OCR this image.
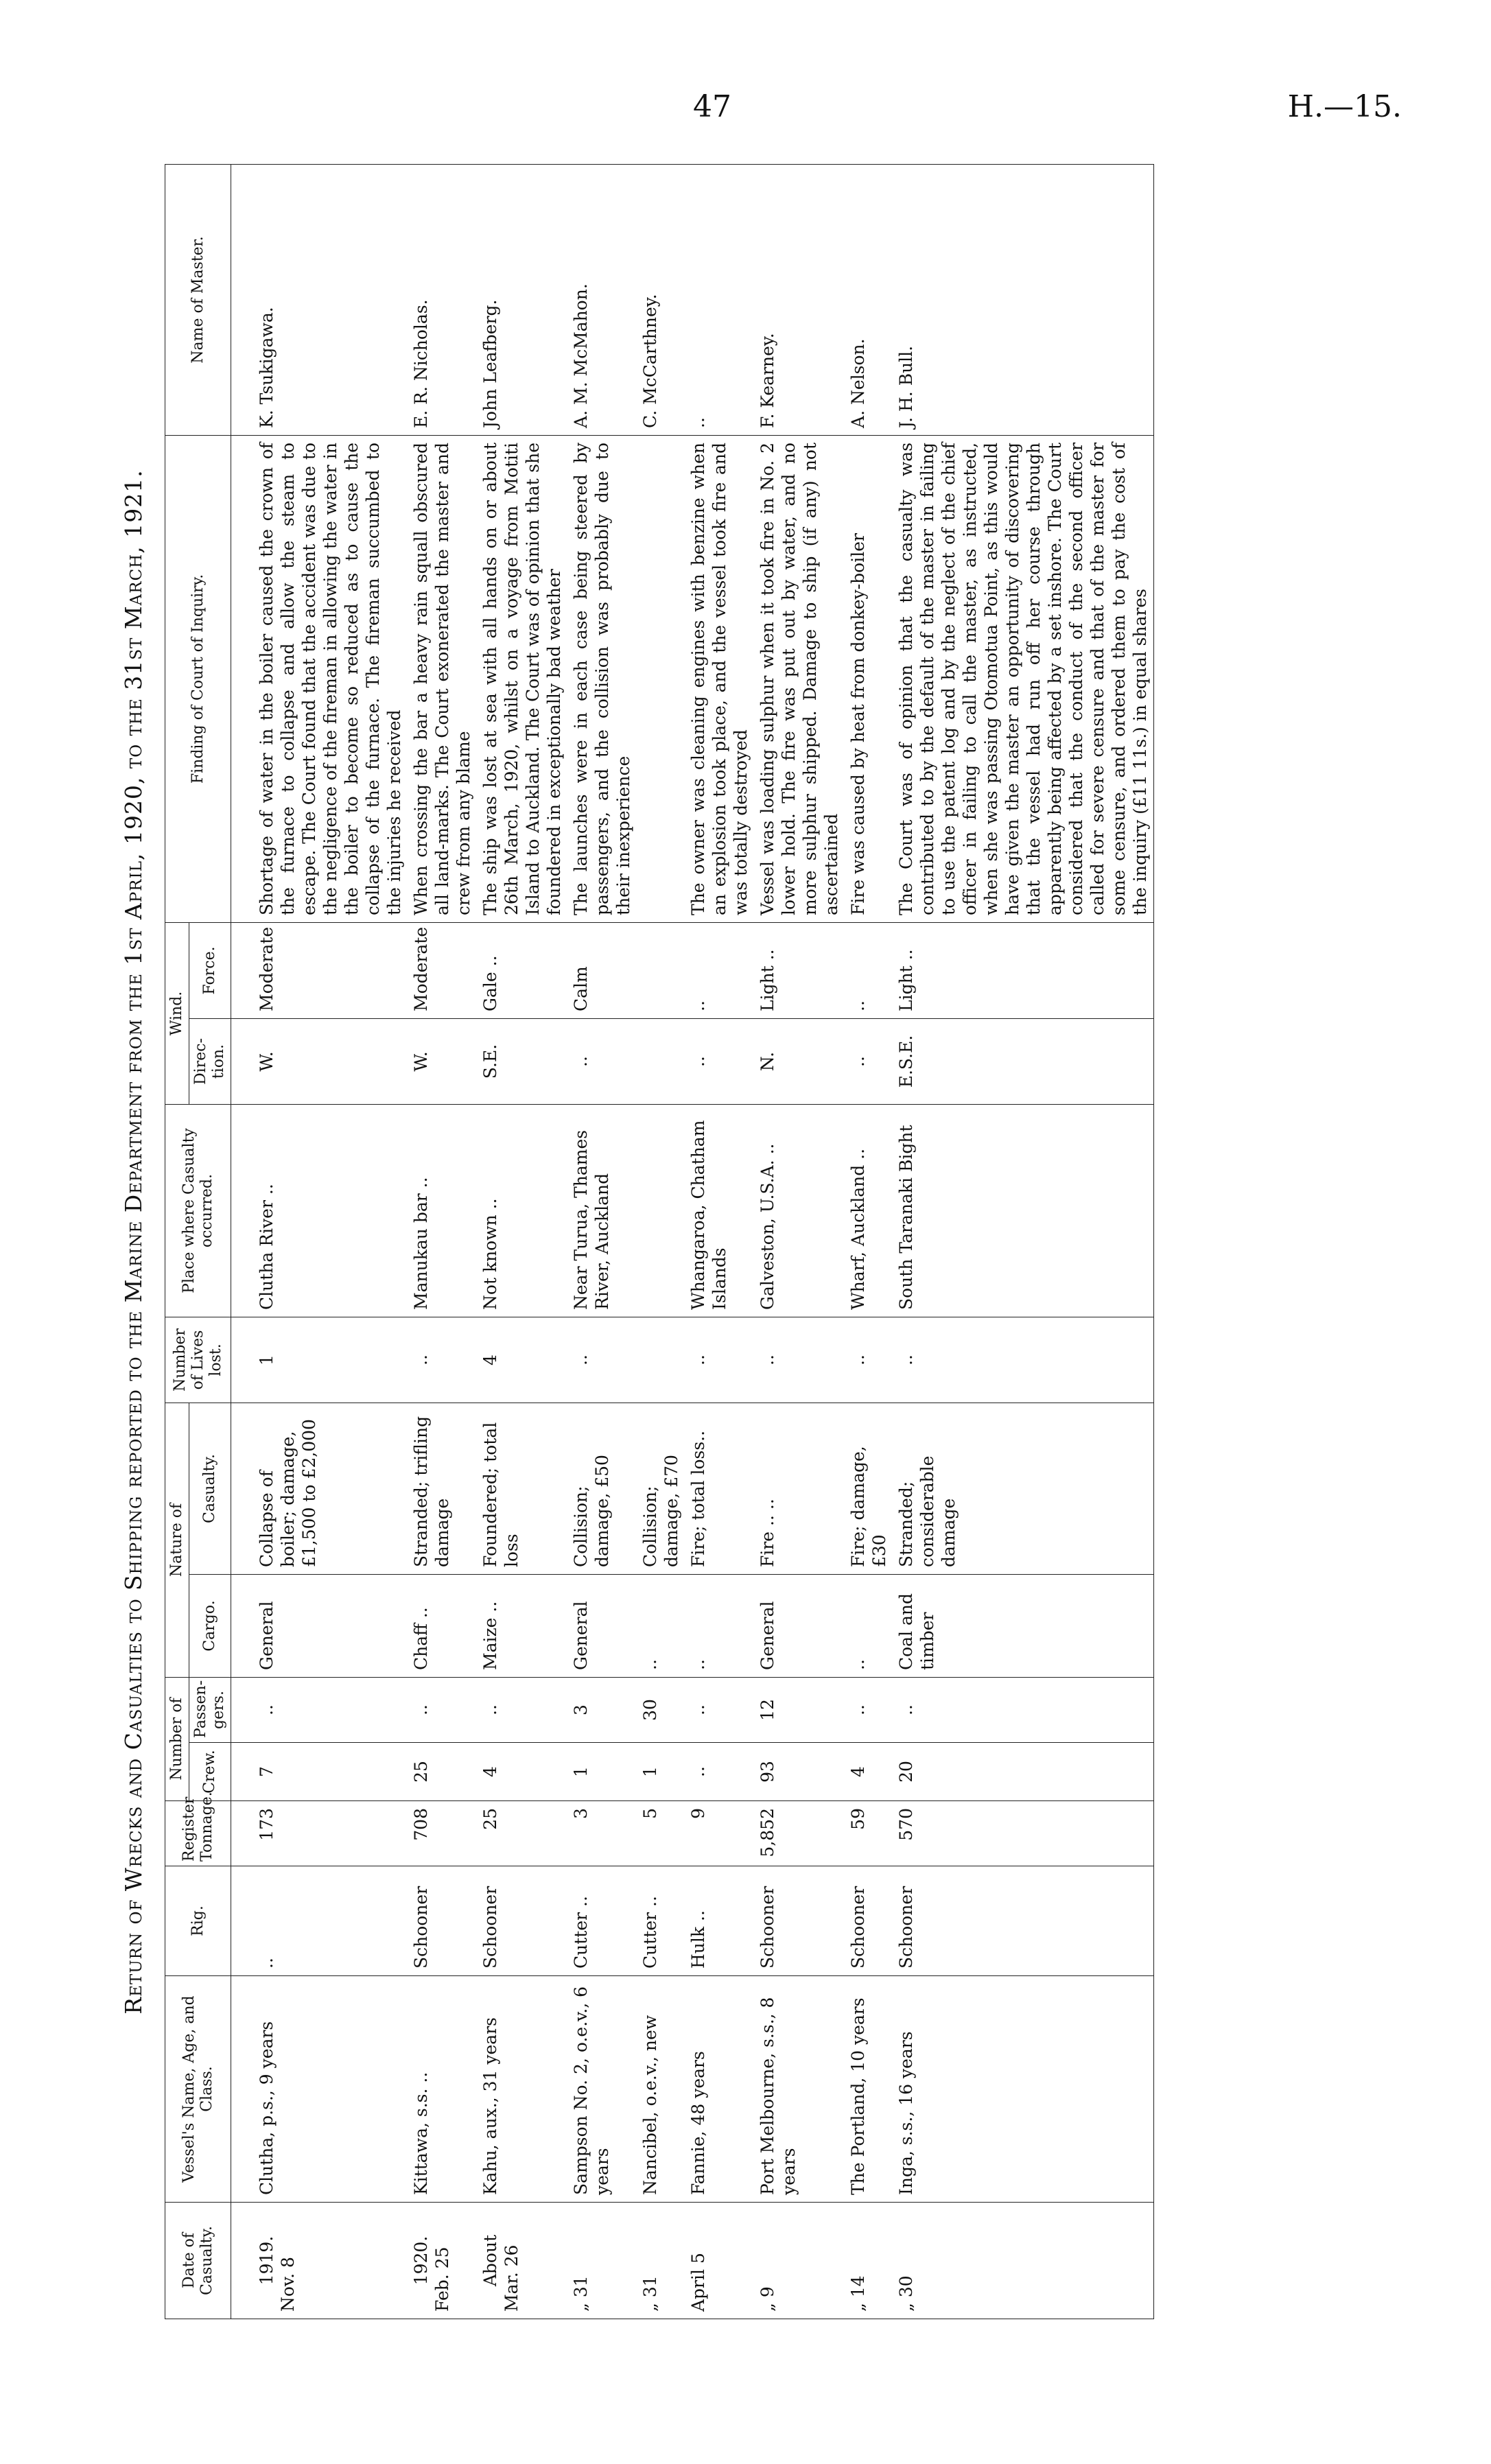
47	H.—15.
Return of Wrecks and Casualties to Shipping reported to the Marine Department from the 1st April, 1920, to the 31st March, 1921.
Date of Casualty.	Vessel's Name, Age, and Class.	Rig.	Register Tonnage.	Number of		Nature of		Number of Lives lost.	Place where Casualty occurred.	Wind.		Finding of Court of Inquiry.	Name of Master.
				Crew.	Passen-gers.	Cargo.	Casualty.			Direc-tion.	Force.		

1919. Nov. 8	Clutha, p.s., 9 years	..	173	7	..	General	Collapse of boiler; damage, £1,500 to £2,000	1	Clutha River ..	W.	Moderate	Shortage of water in the boiler caused the crown of the furnace to collapse and allow the steam to escape. The Court found that the accident was due to the negligence of the fireman in allowing the water in the boiler to become so reduced as to cause the collapse of the furnace. The fireman succumbed to the injuries he received	K. Tsukigawa.

1920. Feb. 25	Kittawa, s.s. ..	Schooner	708	25	..	Chaff ..	Stranded; trifling damage	..	Manukau bar ..	W.	Moderate	When crossing the bar a heavy rain squall obscured all land-marks. The Court exonerated the master and crew from any blame	E. R. Nicholas.

About Mar. 26	Kahu, aux., 31 years	Schooner	25	4	..	Maize ..	Foundered; total loss	4	Not known ..	S.E.	Gale ..	The ship was lost at sea with all hands on or about 26th March, 1920, whilst on a voyage from Motiti Island to Auckland. The Court was of opinion that she foundered in exceptionally bad weather	John Leafberg.

„ 31	Sampson No. 2, o.e.v., 6 years	Cutter ..	3	1	3	General	Collision; damage, £50	..	Near Turua, Thames River, Auckland	..	Calm	The launches were in each case being steered by passengers, and the collision was probably due to their inexperience	A. M. McMahon.

„ 31	Nancibel, o.e.v., new	Cutter ..	5	1	30	..	Collision; damage, £70						C. McCarthney.

April 5	Fannie, 48 years	Hulk ..	9	..	..	..	Fire; total loss..	..	Whangaroa, Chatham Islands	..	..	The owner was cleaning engines with benzine when an explosion took place, and the vessel took fire and was totally destroyed	..

„ 9	Port Melbourne, s.s., 8 years	Schooner	5,852	93	12	General	Fire .. ..	..	Galveston, U.S.A. ..	N.	Light ..	Vessel was loading sulphur when it took fire in No. 2 lower hold. The fire was put out by water, and no more sulphur shipped. Damage to ship (if any) not ascertained	F. Kearney.

„ 14	The Portland, 10 years	Schooner	59	4	..	..	Fire; damage, £30	..	Wharf, Auckland ..	..	..	Fire was caused by heat from donkey-boiler	A. Nelson.

„ 30	Inga, s.s., 16 years	Schooner	570	20	..	Coal and timber	Stranded; considerable damage	..	South Taranaki Bight	E.S.E.	Light ..	The Court was of opinion that the casualty was contributed to by the default of the master in failing to use the patent log and by the neglect of the chief officer in failing to call the master, as instructed, when she was passing Otomotua Point, as this would have given the master an opportunity of discovering that the vessel had run off her course through apparently being affected by a set inshore. The Court considered that the conduct of the second officer called for severe censure and that of the master for some censure, and ordered them to pay the cost of the inquiry (£11 11s.) in equal shares	J. H. Bull.
